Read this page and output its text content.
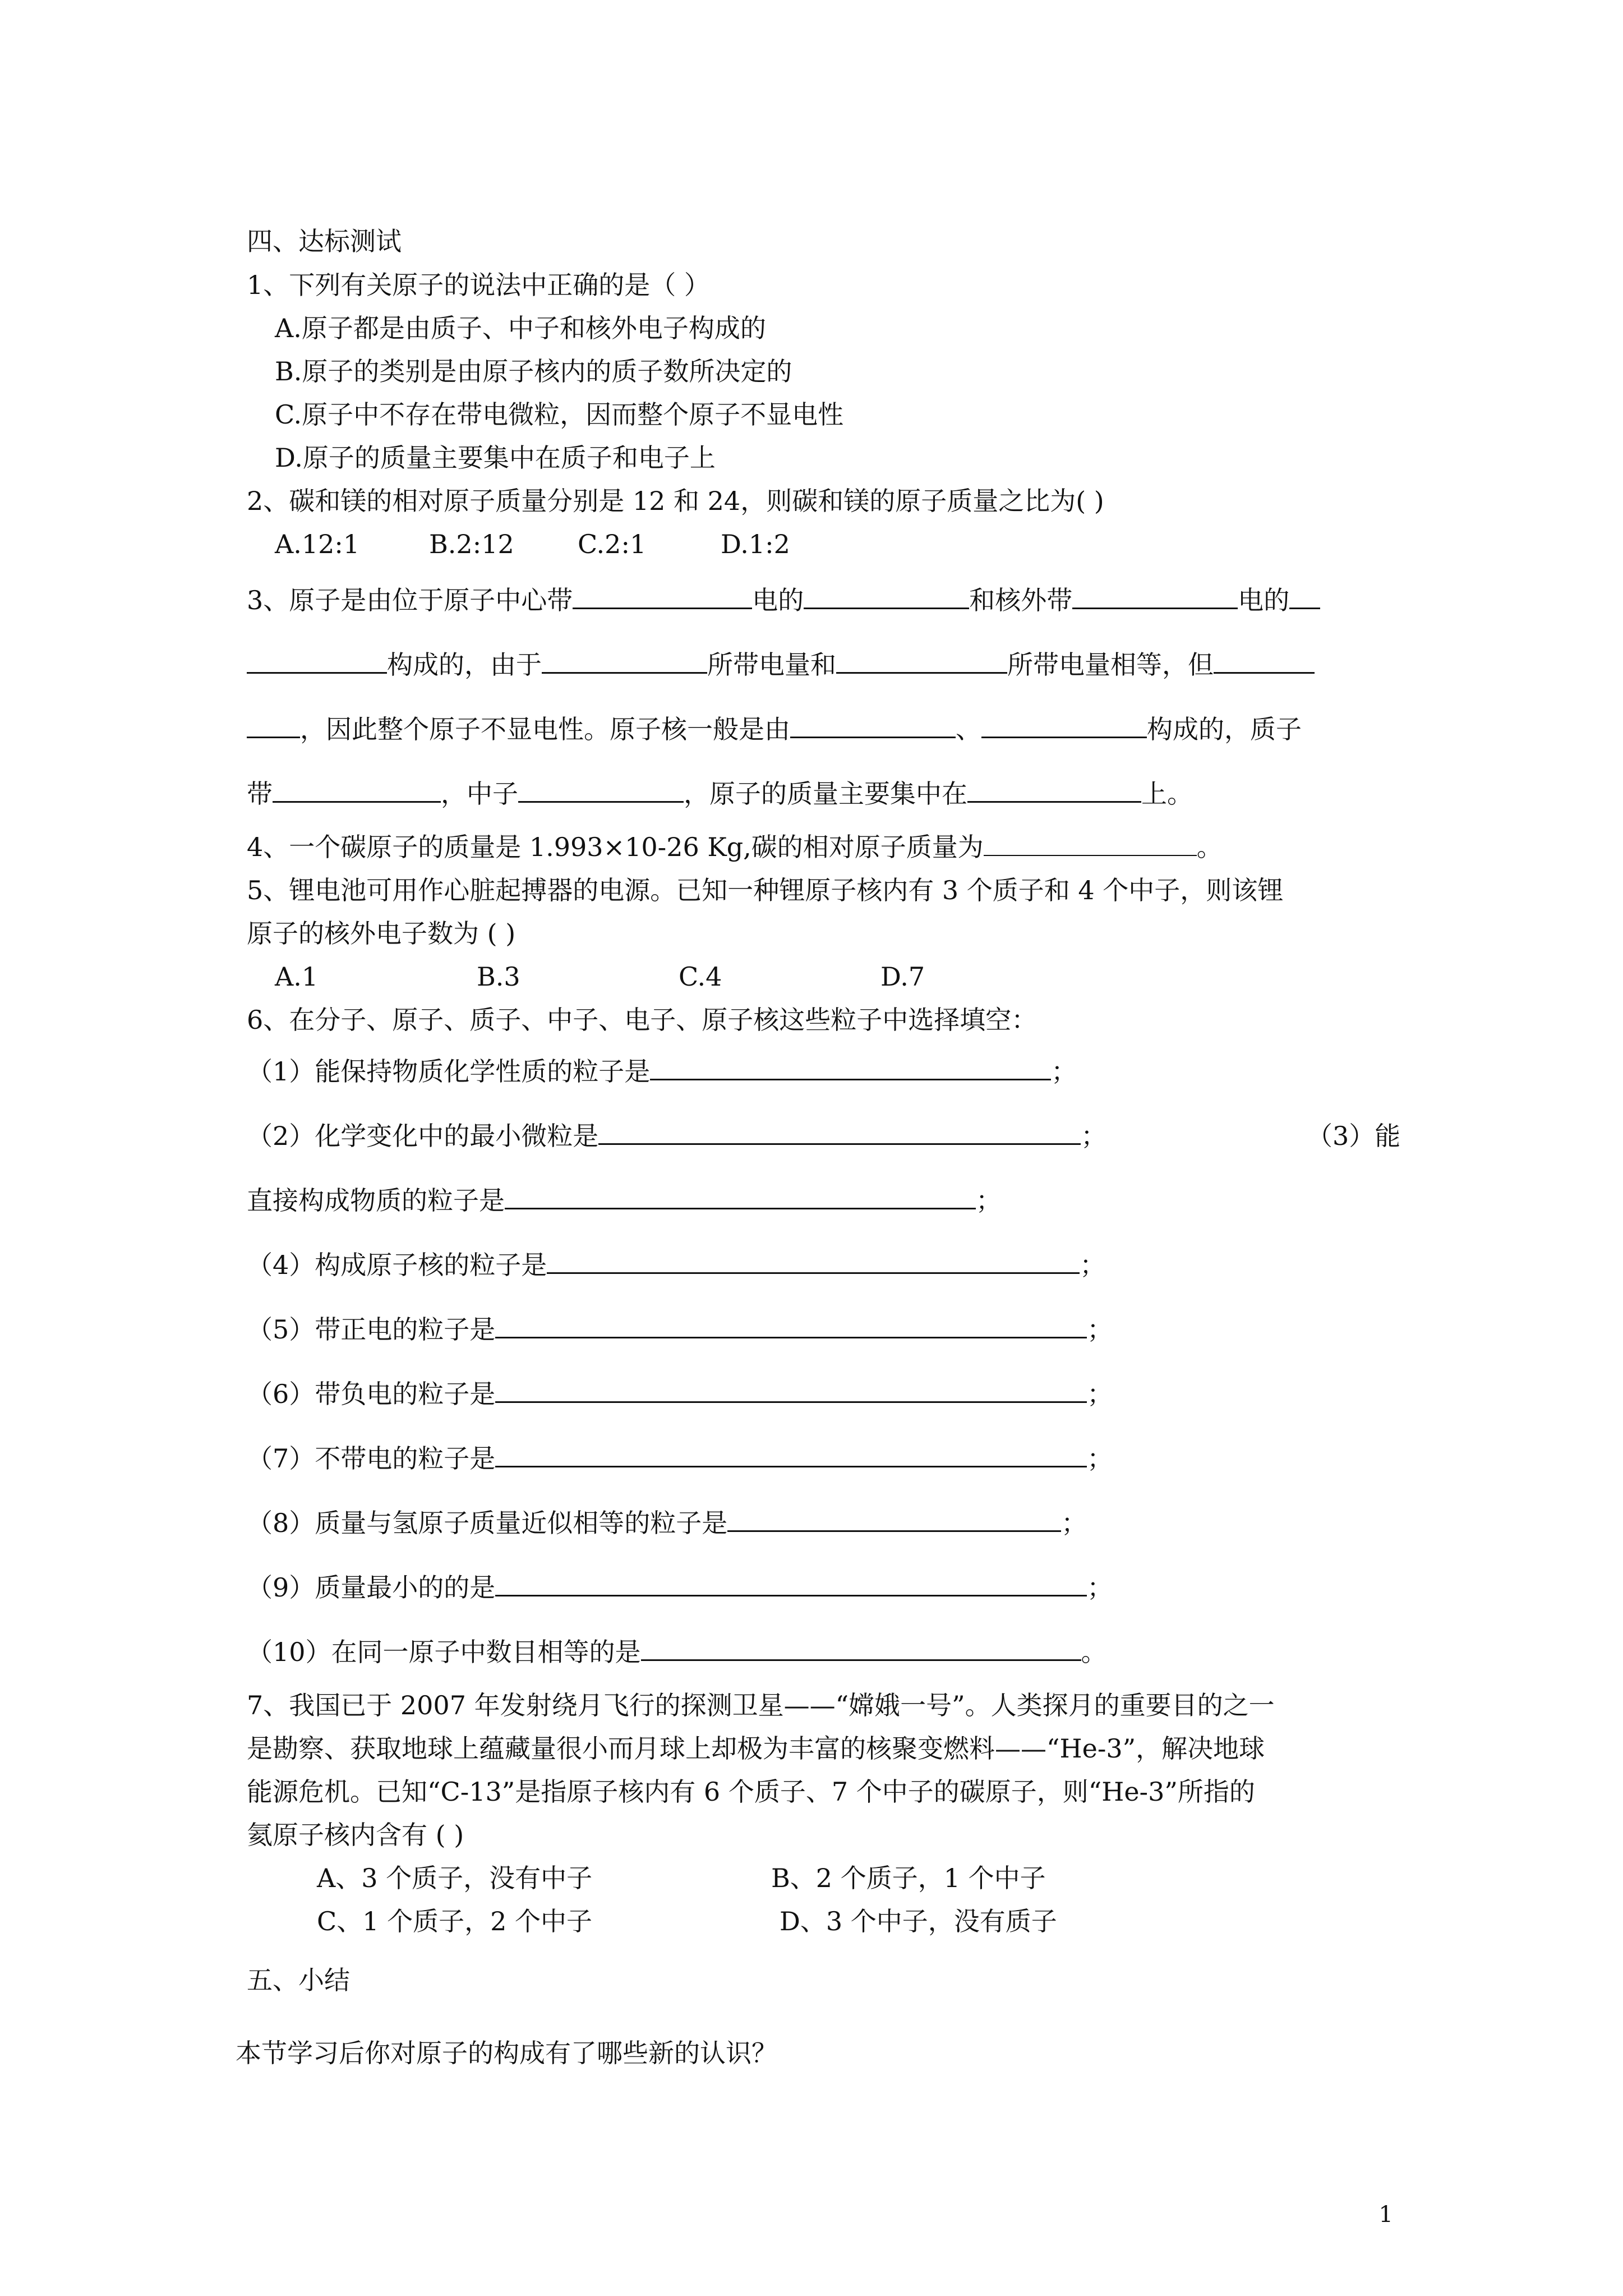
四、达标测试
1、下列有关原子的说法中正确的是（ ）
A.原子都是由质子、中子和核外电子构成的
B.原子的类别是由原子核内的质子数所决定的
C.原子中不存在带电微粒，因而整个原子不显电性
D.原子的质量主要集中在质子和电子上
2、碳和镁的相对原子质量分别是 12 和 24，则碳和镁的原子质量之比为( )
A.12:1	B.2:12 C.2:1	D.1:2
3、原子是由位于原子中心带	电的	和核外带	电的
构成的，由于	所带电量和	所带电量相等，但
，因此整个原子不显电性。原子核一般是由	、	构成的，质子
带	，中子	，原子的质量主要集中在	上。
4、一个碳原子的质量是 1.993×10-26 Kg,碳的相对原子质量为	。
5、锂电池可用作心脏起搏器的电源。已知一种锂原子核内有 3 个质子和 4 个中子，则该锂
原子的核外电子数为 ( )
A.1	B.3	C.4	D.7
6、在分子、原子、质子、中子、电子、原子核这些粒子中选择填空：
（1）能保持物质化学性质的粒子是	；
（2）化学变化中的最小微粒是	；	（3）能
直接构成物质的粒子是	；
（4）构成原子核的粒子是	；
（5）带正电的粒子是	；
（6）带负电的粒子是	；
（7）不带电的粒子是	；
（8）质量与氢原子质量近似相等的粒子是	；
（9）质量最小的的是	；
（10）在同一原子中数目相等的是	。
7、我国已于 2007 年发射绕月飞行的探测卫星——“嫦娥一号”。人类探月的重要目的之一
是勘察、获取地球上蕴藏量很小而月球上却极为丰富的核聚变燃料——“He-3”，解决地球
能源危机。已知“C-13”是指原子核内有 6 个质子、7 个中子的碳原子，则“He-3”所指的
氦原子核内含有 ( )
A、3 个质子，没有中子	B、2 个质子，1 个中子
C、1 个质子，2 个中子	D、3 个中子，没有质子
五、小结
本节学习后你对原子的构成有了哪些新的认识？
1
